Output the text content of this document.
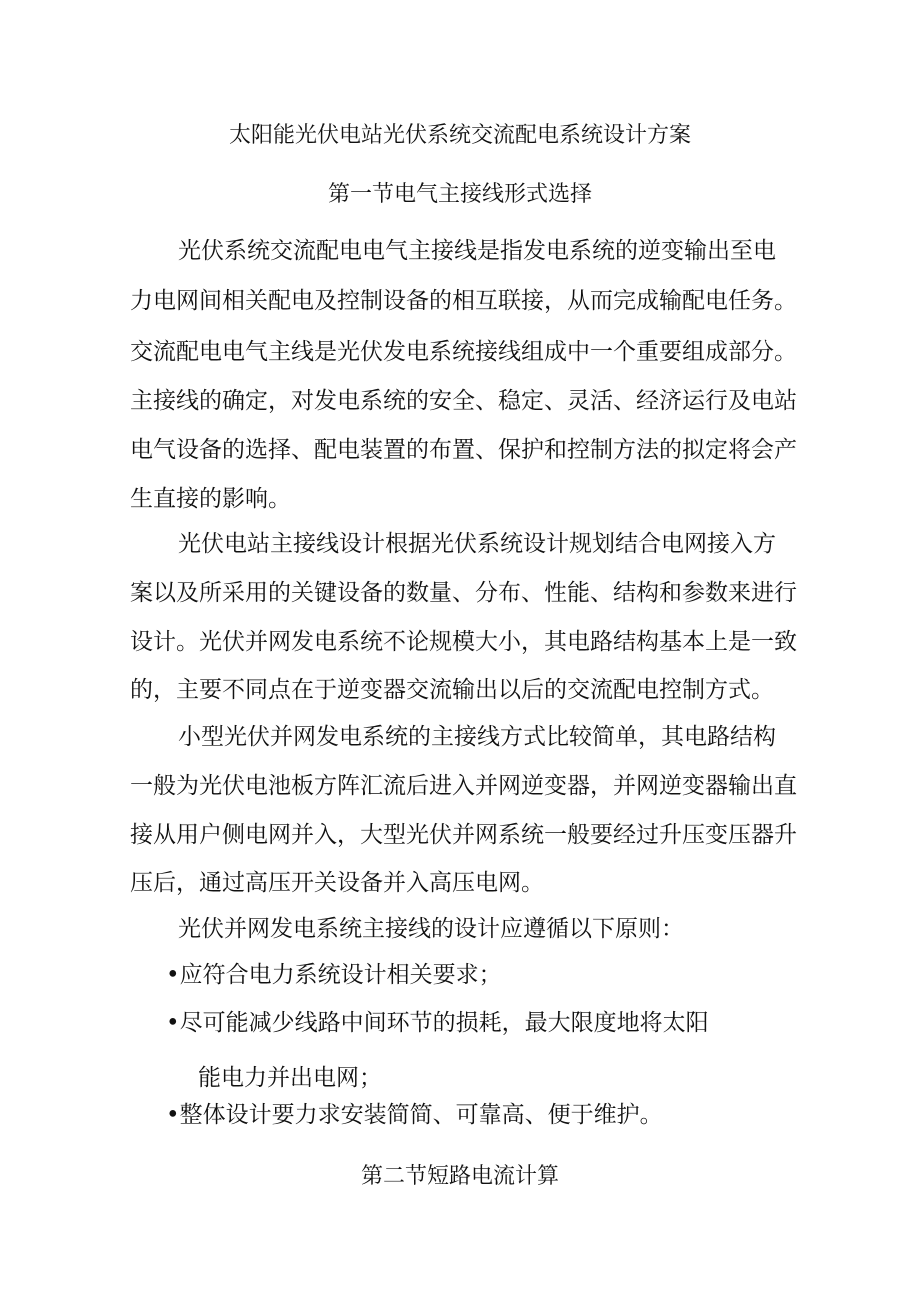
太阳能光伏电站光伏系统交流配电系统设计方案
第一节电气主接线形式选择
光伏系统交流配电电气主接线是指发电系统的逆变输出至电
力电网间相关配电及控制设备的相互联接，从而完成输配电任务。
交流配电电气主线是光伏发电系统接线组成中一个重要组成部分。
主接线的确定，对发电系统的安全、稳定、灵活、经济运行及电站
电气设备的选择、配电装置的布置、保护和控制方法的拟定将会产
生直接的影响。
光伏电站主接线设计根据光伏系统设计规划结合电网接入方
案以及所采用的关键设备的数量、分布、性能、结构和参数来进行
设计。光伏并网发电系统不论规模大小，其电路结构基本上是一致
的，主要不同点在于逆变器交流输出以后的交流配电控制方式。
小型光伏并网发电系统的主接线方式比较简单，其电路结构
一般为光伏电池板方阵汇流后进入并网逆变器，并网逆变器输出直
接从用户侧电网并入，大型光伏并网系统一般要经过升压变压器升
压后，通过高压开关设备并入高压电网。
光伏并网发电系统主接线的设计应遵循以下原则：
•应符合电力系统设计相关要求；
•尽可能减少线路中间环节的损耗，最大限度地将太阳
能电力并出电网；
•整体设计要力求安装简简、可靠高、便于维护。
第二节短路电流计算
